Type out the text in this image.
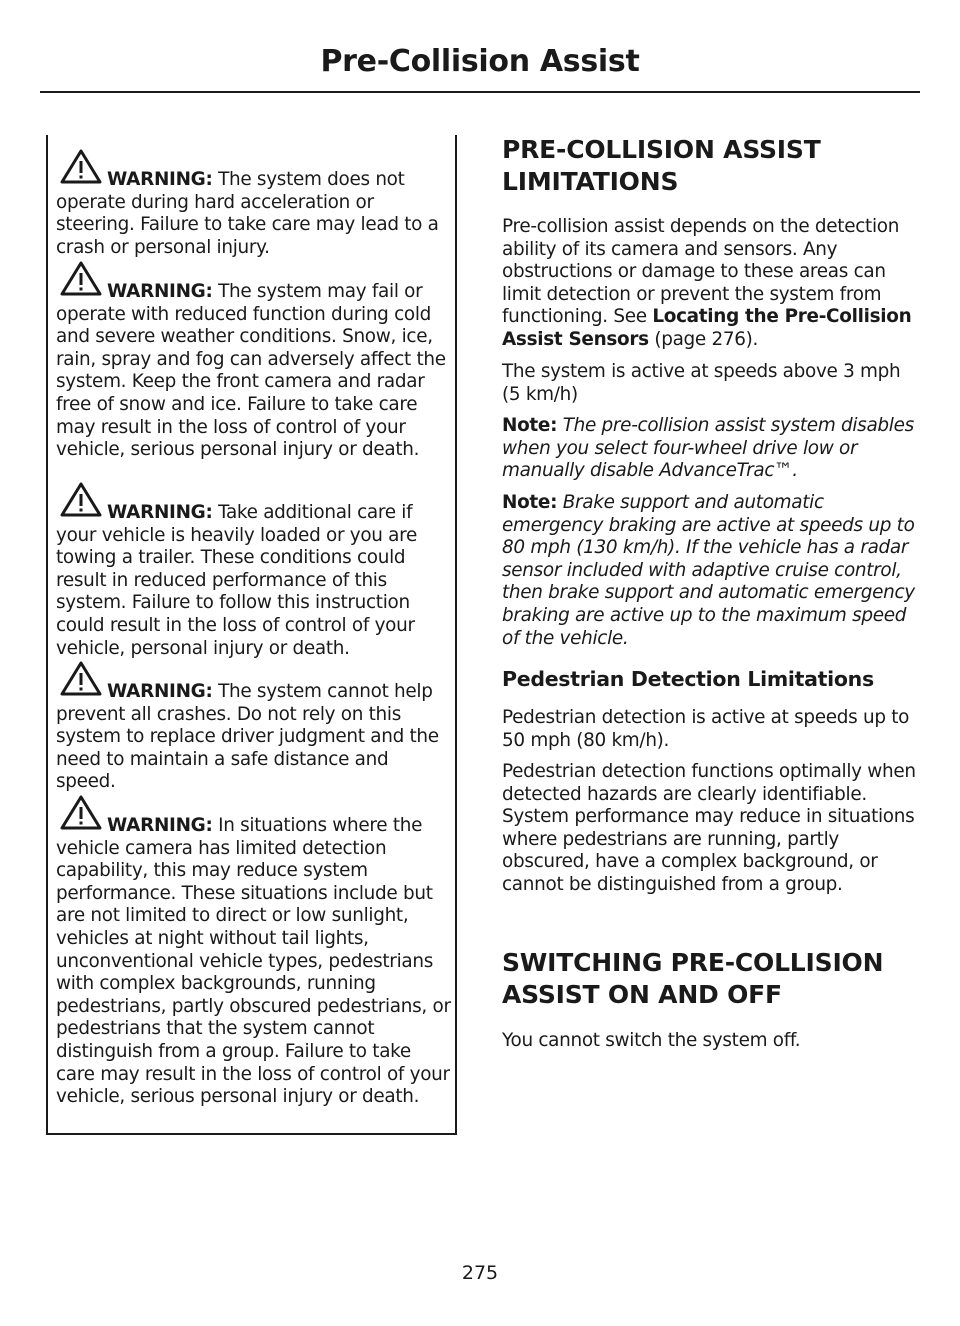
Pre-Collision Assist
WARNING: The system does not operate during hard acceleration or steering. Failure to take care may lead to a crash or personal injury.
WARNING: The system may fail or operate with reduced function during cold and severe weather conditions. Snow, ice, rain, spray and fog can adversely affect the system. Keep the front camera and radar free of snow and ice. Failure to take care may result in the loss of control of your vehicle, serious personal injury or death.
WARNING: Take additional care if your vehicle is heavily loaded or you are towing a trailer. These conditions could result in reduced performance of this system. Failure to follow this instruction could result in the loss of control of your vehicle, personal injury or death.
WARNING: The system cannot help prevent all crashes. Do not rely on this system to replace driver judgment and the need to maintain a safe distance and speed.
WARNING: In situations where the vehicle camera has limited detection capability, this may reduce system performance. These situations include but are not limited to direct or low sunlight, vehicles at night without tail lights, unconventional vehicle types, pedestrians with complex backgrounds, running pedestrians, partly obscured pedestrians, or pedestrians that the system cannot distinguish from a group. Failure to take care may result in the loss of control of your vehicle, serious personal injury or death.
PRE-COLLISION ASSIST
LIMITATIONS
Pre-collision assist depends on the detection ability of its camera and sensors. Any obstructions or damage to these areas can limit detection or prevent the system from functioning. See Locating the Pre-Collision Assist Sensors (page 276).
The system is active at speeds above 3 mph (5 km/h)
Note: The pre-collision assist system disables when you select four-wheel drive low or manually disable AdvanceTrac™.
Note: Brake support and automatic emergency braking are active at speeds up to 80 mph (130 km/h). If the vehicle has a radar sensor included with adaptive cruise control, then brake support and automatic emergency braking are active up to the maximum speed of the vehicle.
Pedestrian Detection Limitations
Pedestrian detection is active at speeds up to 50 mph (80 km/h).
Pedestrian detection functions optimally when detected hazards are clearly identifiable. System performance may reduce in situations where pedestrians are running, partly obscured, have a complex background, or cannot be distinguished from a group.
SWITCHING PRE-COLLISION
ASSIST ON AND OFF
You cannot switch the system off.
275
